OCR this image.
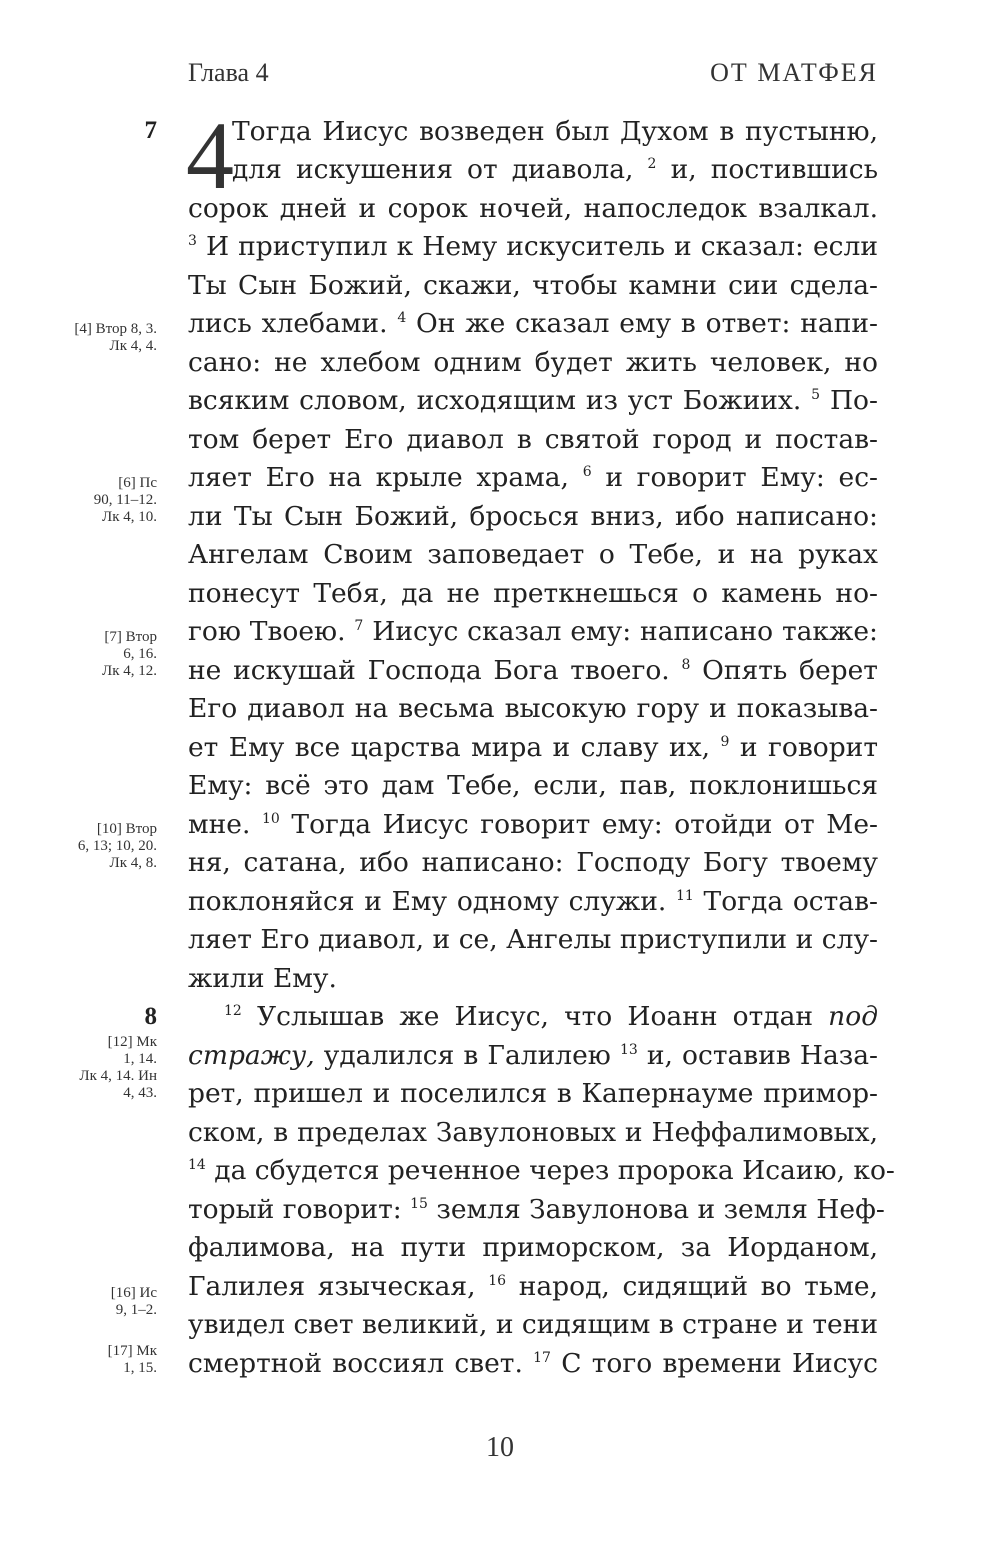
Глава 4	ОТ МАТФЕЯ
7
8
[4] Втор 8, 3.
Лк 4, 4.
[6] Пс
90, 11–12.
Лк 4, 10.
[7] Втор
6, 16.
Лк 4, 12.
[10] Втор
6, 13; 10, 20.
Лк 4, 8.
[12] Мк
1, 14.
Лк 4, 14. Ин
4, 43.
[16] Ис
9, 1–2.
[17] Мк
1, 15.
4
Тогда Иисус возведен был Духом в пустыню,
для искушения от диавола, $^2$ и, постившись
сорок дней и сорок ночей, напоследок взалкал.
$^3$ И приступил к Нему искуситель и сказал: если
Ты Сын Божий, скажи, чтобы камни сии сдела-
лись хлебами. $^4$ Он же сказал ему в ответ: напи-
сано: не хлебом одним будет жить человек, но
всяким словом, исходящим из уст Божиих. $^5$ По-
том берет Его диавол в святой город и постав-
ляет Его на крыле храма, $^6$ и говорит Ему: ес-
ли Ты Сын Божий, бросься вниз, ибо написано:
Ангелам Своим заповедает о Тебе, и на руках
понесут Тебя, да не преткнешься о камень но-
гою Твоею. $^7$ Иисус сказал ему: написано также:
не искушай Господа Бога твоего. $^8$ Опять берет
Его диавол на весьма высокую гору и показыва-
ет Ему все царства мира и славу их, $^9$ и говорит
Ему: всё это дам Тебе, если, пав, поклонишься
мне. $^{10}$ Тогда Иисус говорит ему: отойди от Ме-
ня, сатана, ибо написано: Господу Богу твоему
поклоняйся и Ему одному служи. $^{11}$ Тогда остав-
ляет Его диавол, и се, Ангелы приступили и слу-
жили Ему.
$^{12}$ Услышав же Иисус, что Иоанн отдан под
стражу, удалился в Галилею $^{13}$ и, оставив Наза-
рет, пришел и поселился в Капернауме примор-
ском, в пределах Завулоновых и Неффалимовых,
$^{14}$ да сбудется реченное через пророка Исаию, ко-
торый говорит: $^{15}$ земля Завулонова и земля Неф-
фалимова, на пути приморском, за Иорданом,
Галилея языческая, $^{16}$ народ, сидящий во тьме,
увидел свет великий, и сидящим в стране и тени
смертной воссиял свет. $^{17}$ С того времени Иисус
10
